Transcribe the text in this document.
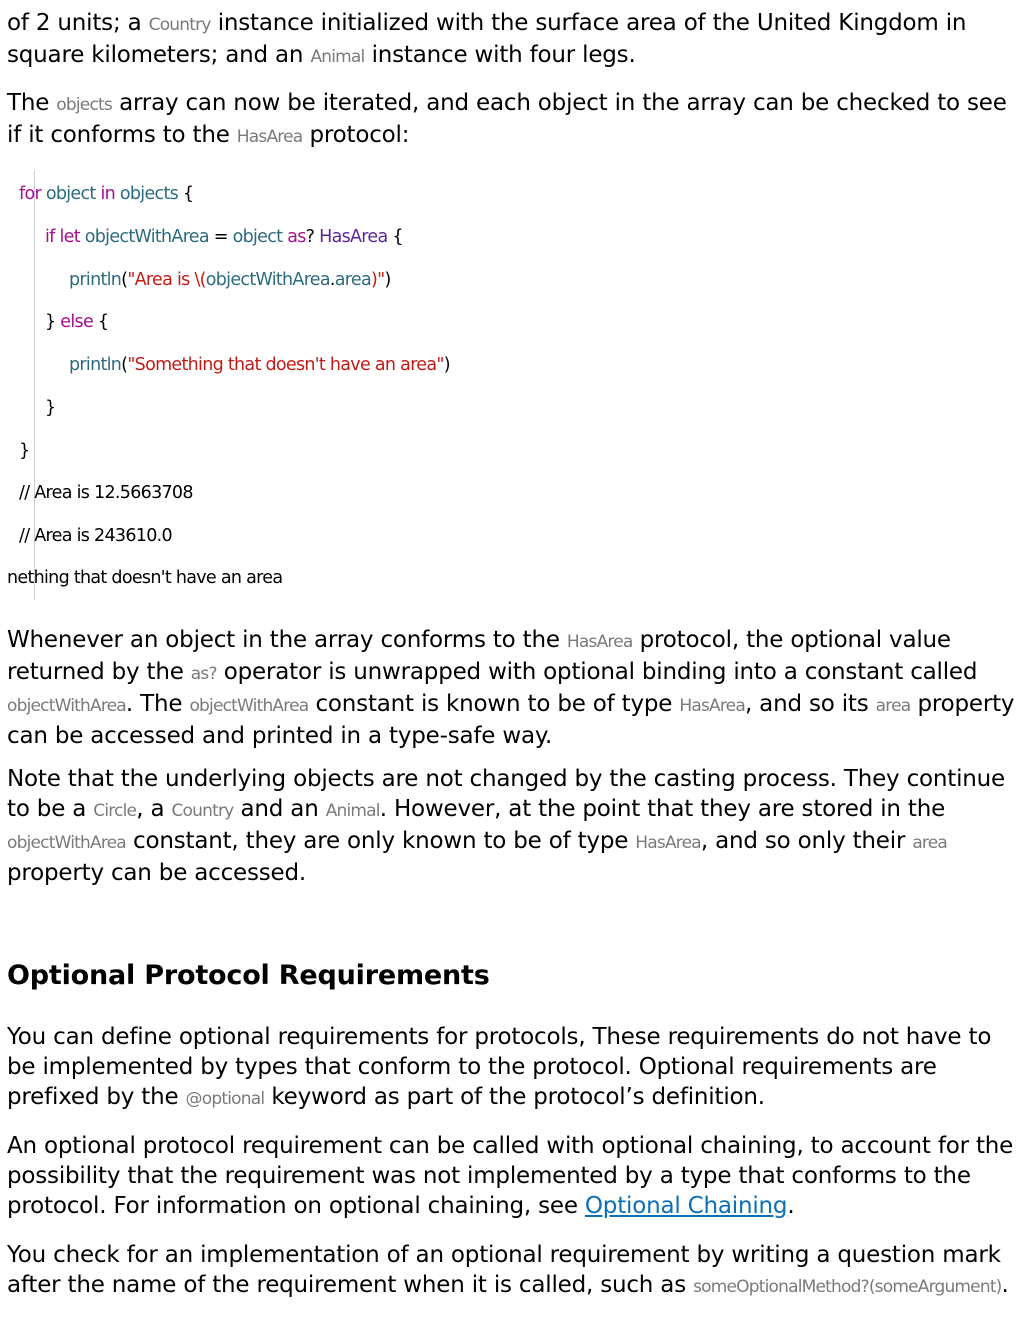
of 2 units; a Country instance initialized with the surface area of the United Kingdom in square kilometers; and an Animal instance with four legs.

The objects array can now be iterated, and each object in the array can be checked to see if it conforms to the HasArea protocol:

for object in objects {
if let objectWithArea = object as? HasArea {
println("Area is \(objectWithArea.area)")
} else {
println("Something that doesn't have an area")
}
}
// Area is 12.5663708
// Area is 243610.0
nething that doesn't have an area

Whenever an object in the array conforms to the HasArea protocol, the optional value returned by the as? operator is unwrapped with optional binding into a constant called objectWithArea. The objectWithArea constant is known to be of type HasArea, and so its area property can be accessed and printed in a type-safe way.

Note that the underlying objects are not changed by the casting process. They continue to be a Circle, a Country and an Animal. However, at the point that they are stored in the objectWithArea constant, they are only known to be of type HasArea, and so only their area property can be accessed.

Optional Protocol Requirements

You can define optional requirements for protocols, These requirements do not have to be implemented by types that conform to the protocol. Optional requirements are prefixed by the @optional keyword as part of the protocol’s definition.

An optional protocol requirement can be called with optional chaining, to account for the possibility that the requirement was not implemented by a type that conforms to the protocol. For information on optional chaining, see Optional Chaining.

You check for an implementation of an optional requirement by writing a question mark after the name of the requirement when it is called, such as someOptionalMethod?(someArgument).
